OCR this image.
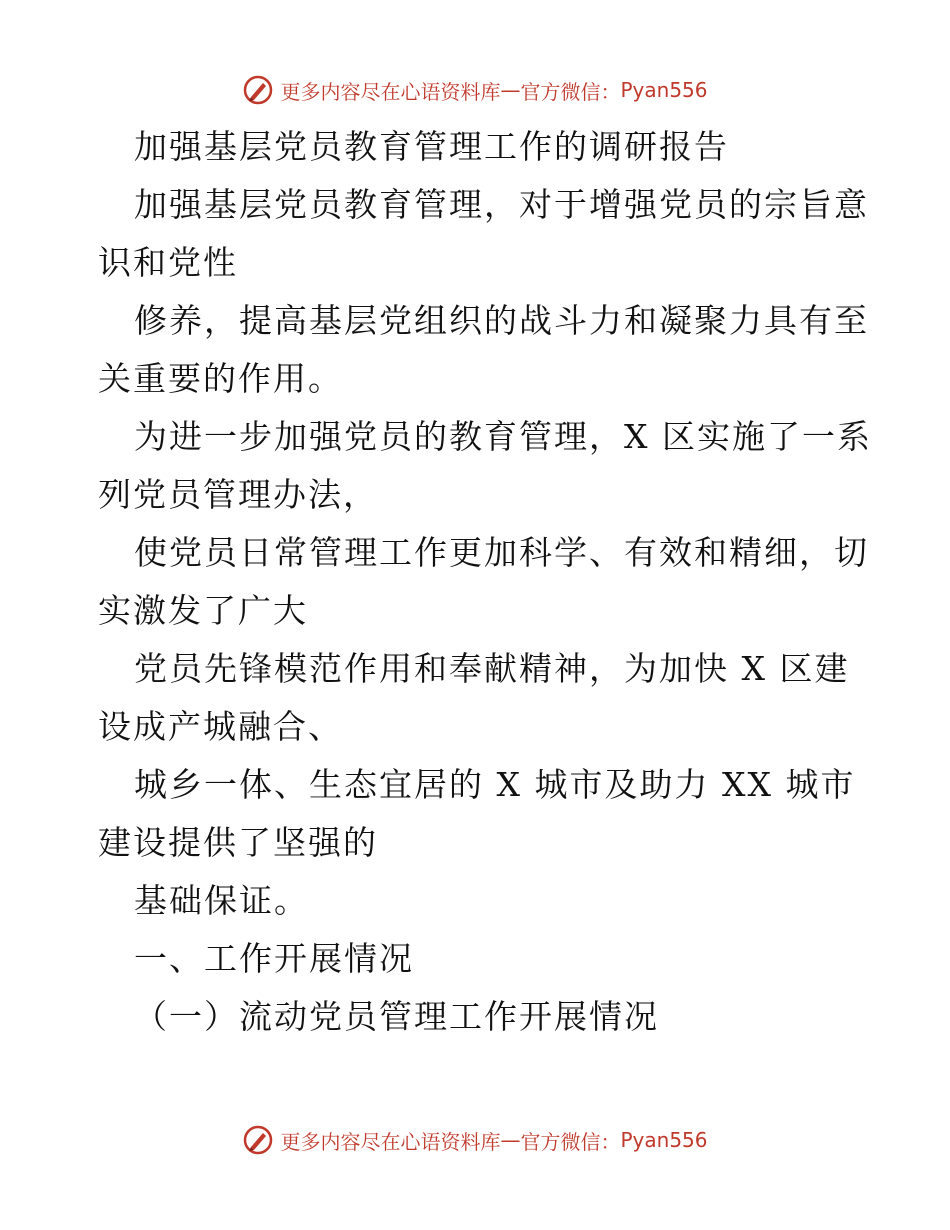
更多内容尽在心语资料库 — 官方微信： Pyan556
加强基层党员教育管理工作的调研报告
加强基层党员教育管理，对于增强党员的宗旨意
识和党性
修养，提高基层党组织的战斗力和凝聚力具有至
关重要的作用。
为进一步加强党员的教育管理，X 区实施了一系
列党员管理办法，
使党员日常管理工作更加科学、有效和精细，切
实激发了广大
党员先锋模范作用和奉献精神，为加快 X 区建
设成产城融合、
城乡一体、生态宜居的 X 城市及助力 XX 城市
建设提供了坚强的
基础保证。
一、工作开展情况
（一）流动党员管理工作开展情况
更多内容尽在心语资料库 — 官方微信： Pyan556
